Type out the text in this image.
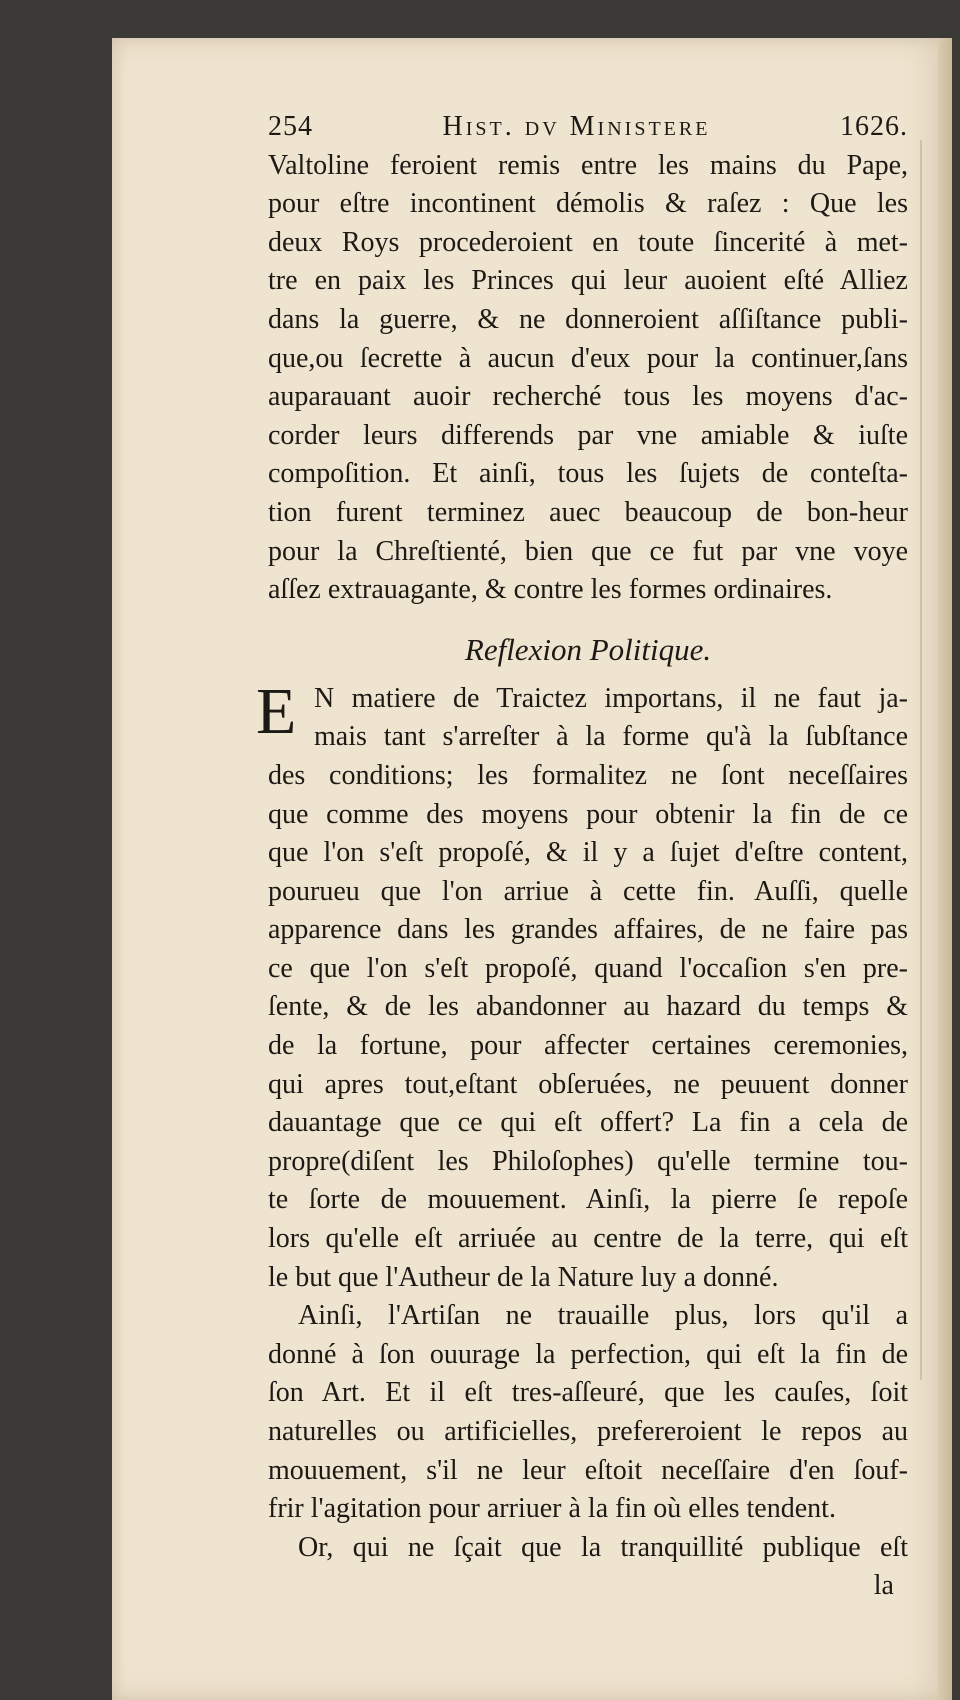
254	Hist. dv Ministere	1626.
Valtoline feroient remis entre les mains du Pape,
pour eſtre incontinent démolis & raſez : Que les
deux Roys procederoient en toute ſincerité à met-
tre en paix les Princes qui leur auoient eſté Alliez
dans la guerre, & ne donneroient aſſiſtance publi-
que,ou ſecrette à aucun d'eux pour la continuer,ſans
auparauant auoir recherché tous les moyens d'ac-
corder leurs differends par vne amiable & iuſte
compoſition. Et ainſi, tous les ſujets de conteſta-
tion furent terminez auec beaucoup de bon-heur
pour la Chreſtienté, bien que ce fut par vne voye
aſſez extrauagante, & contre les formes ordinaires.
Reflexion Politique.
E N matiere de Traictez importans, il ne faut ja-
mais tant s'arreſter à la forme qu'à la ſubſtance
des conditions; les formalitez ne ſont neceſſaires
que comme des moyens pour obtenir la fin de ce
que l'on s'eſt propoſé, & il y a ſujet d'eſtre content,
pourueu que l'on arriue à cette fin. Auſſi, quelle
apparence dans les grandes affaires, de ne faire pas
ce que l'on s'eſt propoſé, quand l'occaſion s'en pre-
ſente, & de les abandonner au hazard du temps &
de la fortune, pour affecter certaines ceremonies,
qui apres tout,eſtant obſeruées, ne peuuent donner
dauantage que ce qui eſt offert? La fin a cela de
propre(diſent les Philoſophes) qu'elle termine tou-
te ſorte de mouuement. Ainſi, la pierre ſe repoſe
lors qu'elle eſt arriuée au centre de la terre, qui eſt
le but que l'Autheur de la Nature luy a donné.
Ainſi, l'Artiſan ne trauaille plus, lors qu'il a
donné à ſon ouurage la perfection, qui eſt la fin de
ſon Art. Et il eſt tres-aſſeuré, que les cauſes, ſoit
naturelles ou artificielles, prefereroient le repos au
mouuement, s'il ne leur eſtoit neceſſaire d'en ſouf-
frir l'agitation pour arriuer à la fin où elles tendent.
Or, qui ne ſçait que la tranquillité publique eſt
la
